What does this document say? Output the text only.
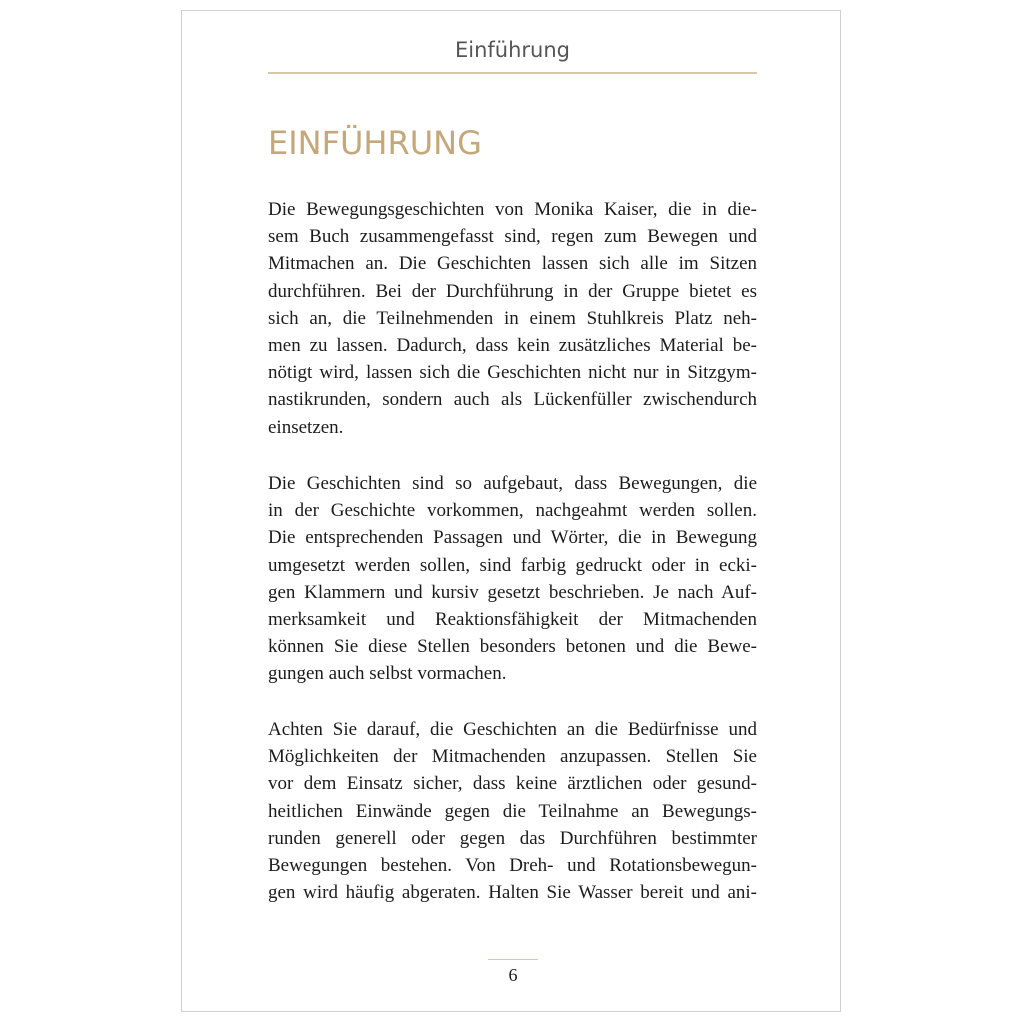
Einführung
EINFÜHRUNG
Die Bewegungsgeschichten von Monika Kaiser, die in die-
sem Buch zusammengefasst sind, regen zum Bewegen und
Mitmachen an. Die Geschichten lassen sich alle im Sitzen
durchführen. Bei der Durchführung in der Gruppe bietet es
sich an, die Teilnehmenden in einem Stuhlkreis Platz neh-
men zu lassen. Dadurch, dass kein zusätzliches Material be-
nötigt wird, lassen sich die Geschichten nicht nur in Sitzgym-
nastikrunden, sondern auch als Lückenfüller zwischendurch
einsetzen.
Die Geschichten sind so aufgebaut, dass Bewegungen, die
in der Geschichte vorkommen, nachgeahmt werden sollen.
Die entsprechenden Passagen und Wörter, die in Bewegung
umgesetzt werden sollen, sind farbig gedruckt oder in ecki-
gen Klammern und kursiv gesetzt beschrieben. Je nach Auf-
merksamkeit und Reaktionsfähigkeit der Mitmachenden
können Sie diese Stellen besonders betonen und die Bewe-
gungen auch selbst vormachen.
Achten Sie darauf, die Geschichten an die Bedürfnisse und
Möglichkeiten der Mitmachenden anzupassen. Stellen Sie
vor dem Einsatz sicher, dass keine ärztlichen oder gesund-
heitlichen Einwände gegen die Teilnahme an Bewegungs-
runden generell oder gegen das Durchführen bestimmter
Bewegungen bestehen. Von Dreh- und Rotationsbewegun-
gen wird häufig abgeraten. Halten Sie Wasser bereit und ani-
6
